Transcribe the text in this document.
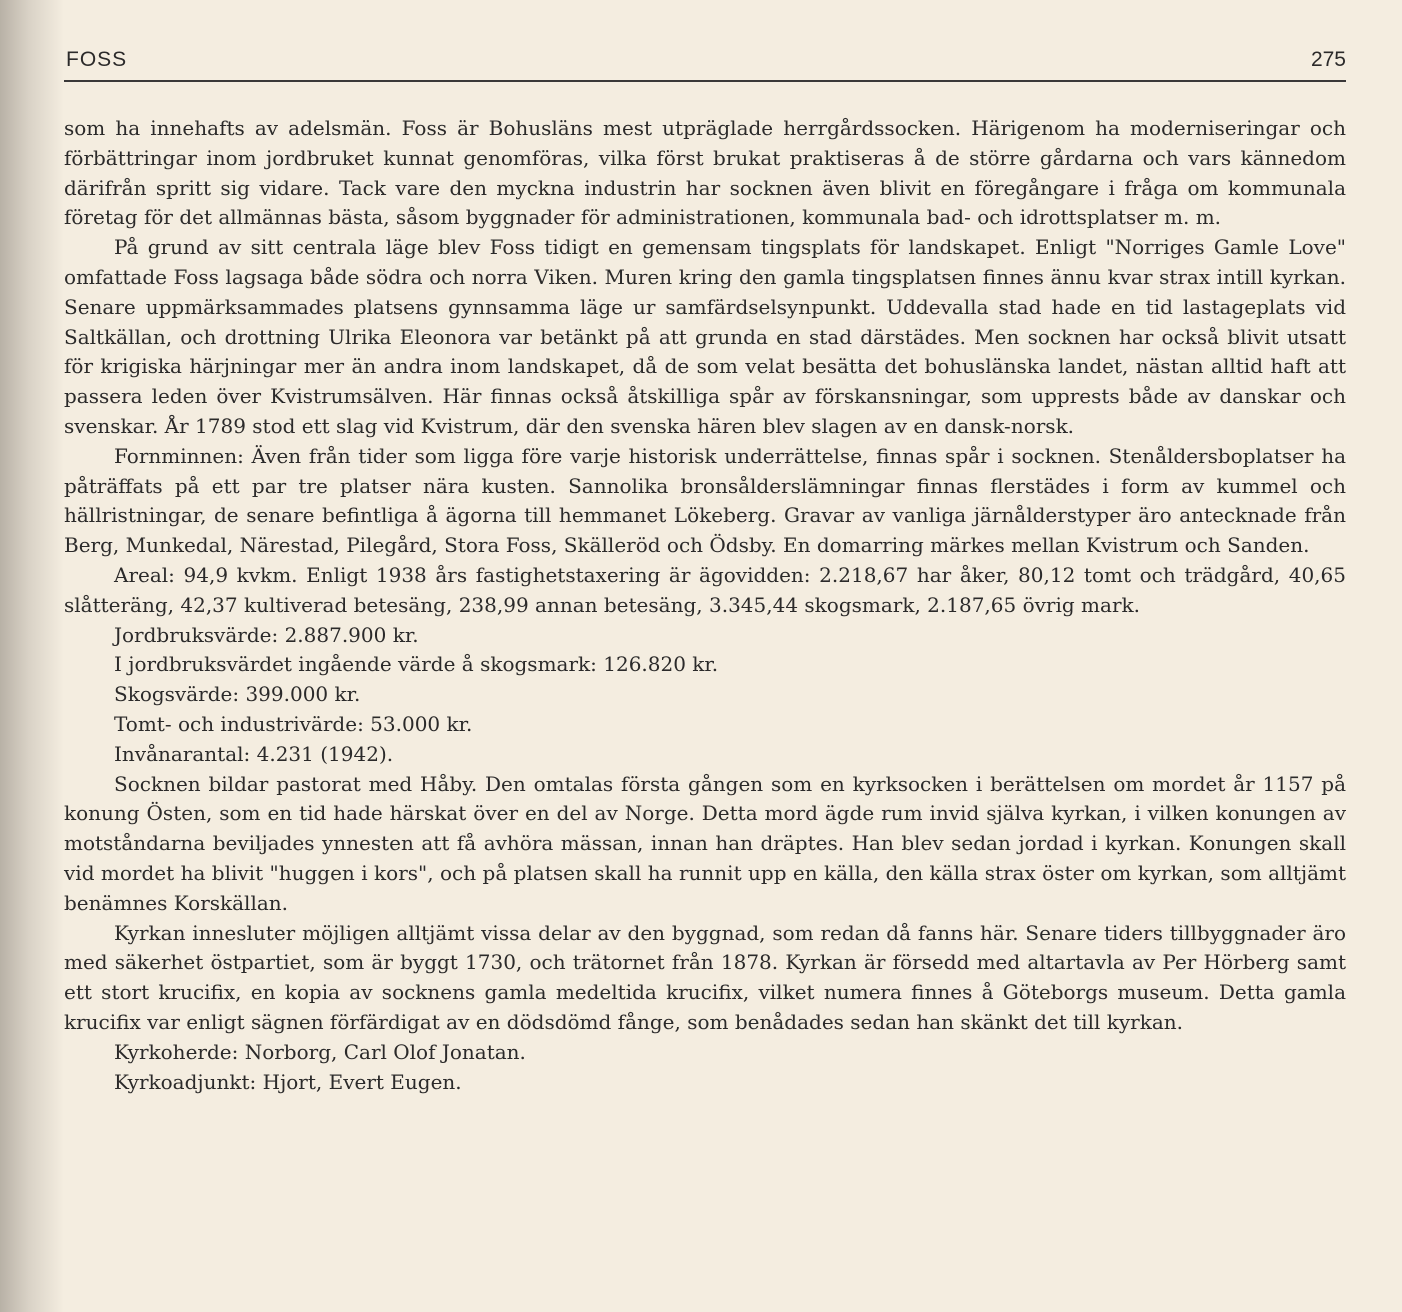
FOSS	275

som ha innehafts av adelsmän. Foss är Bohusläns mest utpräglade herrgårdssocken. Härigenom ha moderniseringar och förbättringar inom jordbruket kunnat genomföras, vilka först brukat praktiseras å de större gårdarna och vars kännedom därifrån spritt sig vidare. Tack vare den myckna industrin har socknen även blivit en föregångare i fråga om kommunala företag för det allmännas bästa, såsom byggnader för administrationen, kommunala bad- och idrottsplatser m. m.

På grund av sitt centrala läge blev Foss tidigt en gemensam tingsplats för landskapet. Enligt "Norriges Gamle Love" omfattade Foss lagsaga både södra och norra Viken. Muren kring den gamla tingsplatsen finnes ännu kvar strax intill kyrkan. Senare uppmärksammades platsens gynnsamma läge ur samfärdselsynpunkt. Uddevalla stad hade en tid lastageplats vid Saltkällan, och drottning Ulrika Eleonora var betänkt på att grunda en stad därstädes. Men socknen har också blivit utsatt för krigiska härjningar mer än andra inom landskapet, då de som velat besätta det bohuslänska landet, nästan alltid haft att passera leden över Kvistrumsälven. Här finnas också åtskilliga spår av förskansningar, som upprests både av danskar och svenskar. År 1789 stod ett slag vid Kvistrum, där den svenska hären blev slagen av en dansk-norsk.

Fornminnen: Även från tider som ligga före varje historisk underrättelse, finnas spår i socknen. Stenåldersboplatser ha påträffats på ett par tre platser nära kusten. Sannolika bronsålderslämningar finnas flerstädes i form av kummel och hällristningar, de senare befintliga å ägorna till hemmanet Lökeberg. Gravar av vanliga järnålderstyper äro antecknade från Berg, Munkedal, Närestad, Pilegård, Stora Foss, Skälleröd och Ödsby. En domarring märkes mellan Kvistrum och Sanden.

Areal: 94,9 kvkm. Enligt 1938 års fastighetstaxering är ägovidden: 2.218,67 har åker, 80,12 tomt och trädgård, 40,65 slåtteräng, 42,37 kultiverad betesäng, 238,99 annan betesäng, 3.345,44 skogsmark, 2.187,65 övrig mark.

Jordbruksvärde: 2.887.900 kr.

I jordbruksvärdet ingående värde å skogsmark: 126.820 kr.

Skogsvärde: 399.000 kr.

Tomt- och industrivärde: 53.000 kr.

Invånarantal: 4.231 (1942).

Socknen bildar pastorat med Håby. Den omtalas första gången som en kyrksocken i berättelsen om mordet år 1157 på konung Östen, som en tid hade härskat över en del av Norge. Detta mord ägde rum invid själva kyrkan, i vilken konungen av motståndarna beviljades ynnesten att få avhöra mässan, innan han dräptes. Han blev sedan jordad i kyrkan. Konungen skall vid mordet ha blivit "huggen i kors", och på platsen skall ha runnit upp en källa, den källa strax öster om kyrkan, som alltjämt benämnes Korskällan.

Kyrkan innesluter möjligen alltjämt vissa delar av den byggnad, som redan då fanns här. Senare tiders tillbyggnader äro med säkerhet östpartiet, som är byggt 1730, och trätornet från 1878. Kyrkan är försedd med altartavla av Per Hörberg samt ett stort krucifix, en kopia av socknens gamla medeltida krucifix, vilket numera finnes å Göteborgs museum. Detta gamla krucifix var enligt sägnen förfärdigat av en dödsdömd fånge, som benådades sedan han skänkt det till kyrkan.

Kyrkoherde: Norborg, Carl Olof Jonatan.

Kyrkoadjunkt: Hjort, Evert Eugen.
